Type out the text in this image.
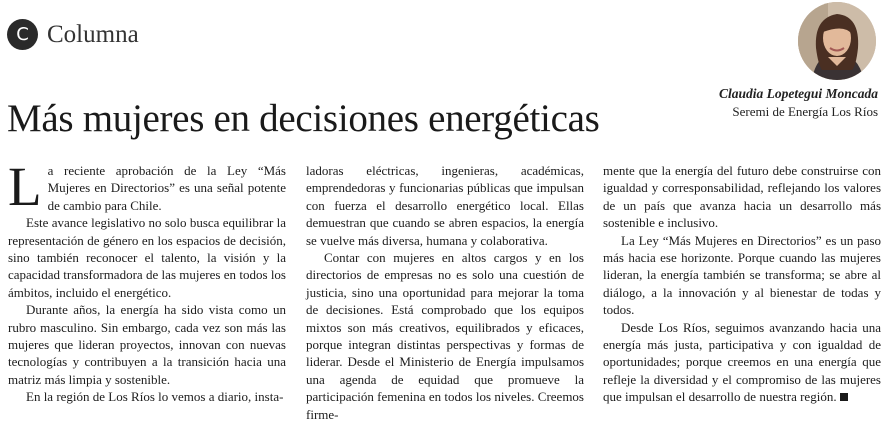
C Columna
Claudia Lopetegui Moncada
Seremi de Energía Los Ríos
Más mujeres en decisiones energéticas

La reciente aprobación de la Ley “Más Mujeres en Directorios” es una señal potente de cambio para Chile.

Este avance legislativo no solo busca equilibrar la representación de género en los espacios de decisión, sino también reconocer el talento, la visión y la capacidad transformadora de las mujeres en todos los ámbitos, incluido el energético.

Durante años, la energía ha sido vista como un rubro masculino. Sin embargo, cada vez son más las mujeres que lideran proyectos, innovan con nuevas tecnologías y contribuyen a la transición hacia una matriz más limpia y sostenible.

En la región de Los Ríos lo vemos a diario, insta-

ladoras eléctricas, ingenieras, académicas, emprendedoras y funcionarias públicas que impulsan con fuerza el desarrollo energético local. Ellas demuestran que cuando se abren espacios, la energía se vuelve más diversa, humana y colaborativa.

Contar con mujeres en altos cargos y en los directorios de empresas no es solo una cuestión de justicia, sino una oportunidad para mejorar la toma de decisiones. Está comprobado que los equipos mixtos son más creativos, equilibrados y eficaces, porque integran distintas perspectivas y formas de liderar. Desde el Ministerio de Energía impulsamos una agenda de equidad que promueve la participación femenina en todos los niveles. Creemos firme-

mente que la energía del futuro debe construirse con igualdad y corresponsabilidad, reflejando los valores de un país que avanza hacia un desarrollo más sostenible e inclusivo.

La Ley “Más Mujeres en Directorios” es un paso más hacia ese horizonte. Porque cuando las mujeres lideran, la energía también se transforma; se abre al diálogo, a la innovación y al bienestar de todas y todos.

Desde Los Ríos, seguimos avanzando hacia una energía más justa, participativa y con igualdad de oportunidades; porque creemos en una energía que refleje la diversidad y el compromiso de las mujeres que impulsan el desarrollo de nuestra región.
